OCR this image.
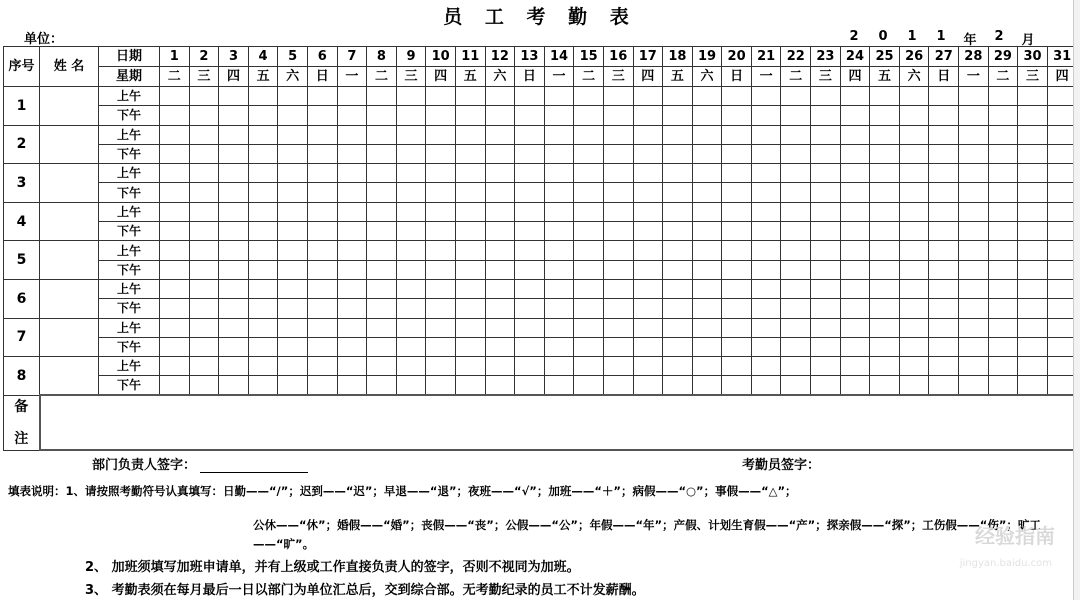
员 工 考 勤 表
单位：	2	0	1	1	年	2	月
序号	姓 名	日期	1	2	3	4	5	6	7	8	9	10	11	12	13	14	15	16	17	18	19	20	21	22	23	24	25	26	27	28	29	30	31
		星期	二	三	四	五	六	日	一	二	三	四	五	六	日	一	二	三	四	五	六	日	一	二	三	四	五	六	日	一	二	三	四
1		上午																															
		下午																															
2		上午																															
		下午																															
3		上午																															
		下午																															
4		上午																															
		下午																															
5		上午																															
		下午																															
6		上午																															
		下午																															
7		上午																															
		下午																															
8		上午																															
		下午																															

备
注																																	

部门负责人签字：	考勤员签字：
填表说明：1、请按照考勤符号认真填写：日勤——“/”；迟到——“迟”；早退——“退”；夜班——“√”；加班——“＋”；病假——“○”；事假——“△”；
公休——“休”；婚假——“婚”；丧假——“丧”；公假——“公”；年假——“年”；产假、计划生育假——“产”；探亲假——“探”；工伤假——“伤”；旷工——“旷”。
2、 加班须填写加班申请单，并有上级或工作直接负责人的签字，否则不视同为加班。
3、 考勤表须在每月最后一日以部门为单位汇总后，交到综合部。无考勤纪录的员工不计发薪酬。
经验指南
jingyan.baidu.com
